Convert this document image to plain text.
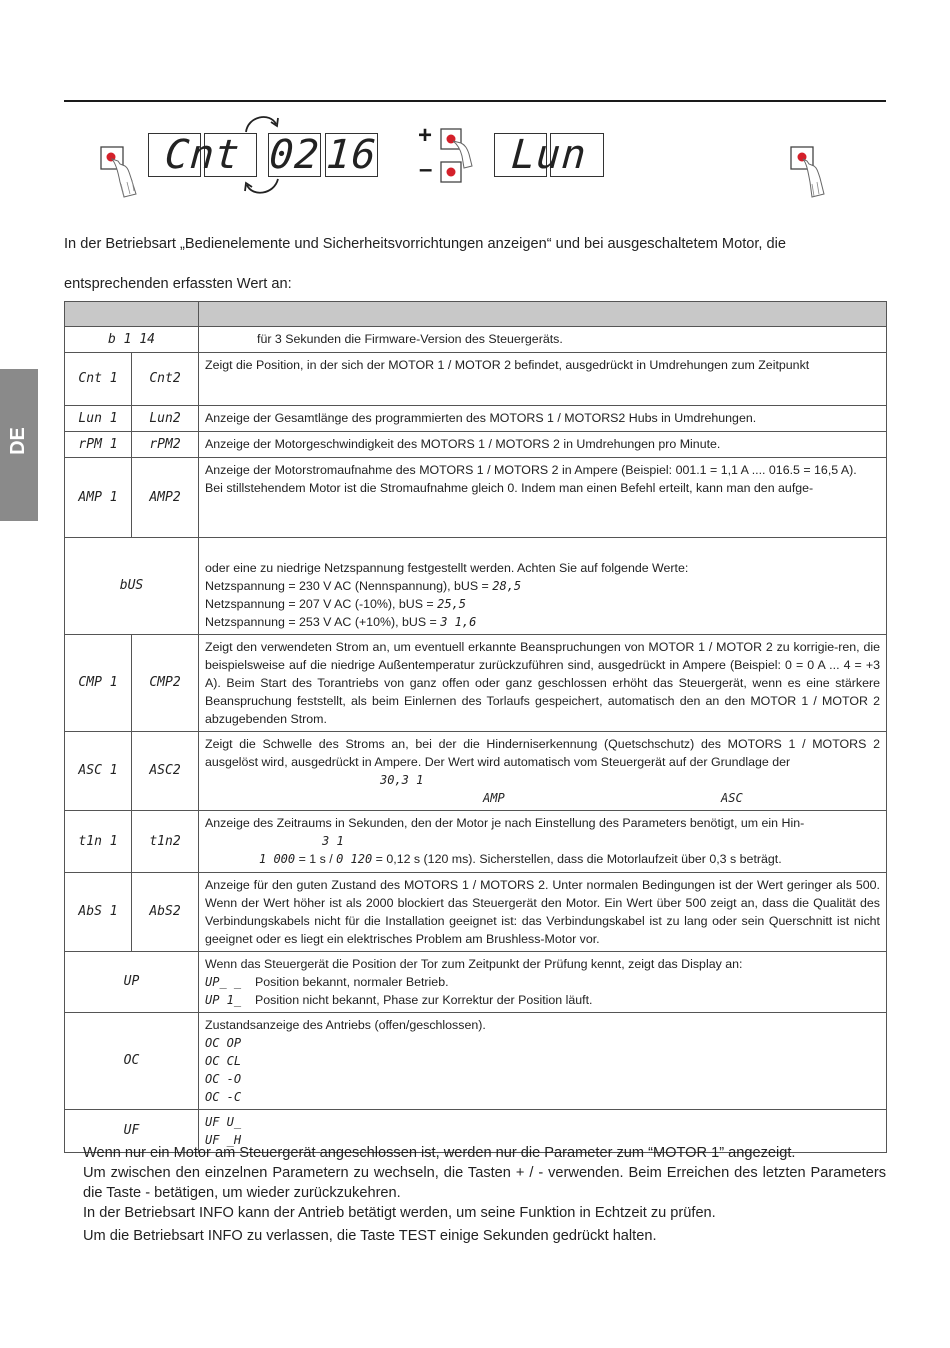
DE
Cnt 02 16 +
–	Lun
In der Betriebsart „Bedienelemente und Sicherheitsvorrichtungen anzeigen“ und bei ausgeschaltetem Motor, die
entsprechenden erfassten Wert an:

b 1 14		für 3 Sekunden die Firmware-Version des Steuergeräts.
Cnt 1	Cnt2	Zeigt die Position, in der sich der MOTOR 1 / MOTOR 2 befindet, ausgedrückt in Umdrehungen zum Zeitpunkt
Lun 1	Lun2	Anzeige der Gesamtlänge des programmierten des MOTORS 1 / MOTORS2 Hubs in Umdrehungen.
rPM 1	rPM2	Anzeige der Motorgeschwindigkeit des MOTORS 1 / MOTORS 2 in Umdrehungen pro Minute.
AMP 1	AMP2	Anzeige der Motorstromaufnahme des MOTORS 1 / MOTORS 2 in Ampere (Beispiel: 001.1 = 1,1 A .... 016.5 = 16,5 A).
Bei stillstehendem Motor ist die Stromaufnahme gleich 0. Indem man einen Befehl erteilt, kann man den aufge-

bUS		oder eine zu niedrige Netzspannung festgestellt werden. Achten Sie auf folgende Werte:
Netzspannung = 230 V AC (Nennspannung), bUS = 28,5
Netzspannung = 207 V AC (-10%), bUS = 25,5
Netzspannung = 253 V AC (+10%), bUS = 3 1,6

CMP 1	CMP2	Zeigt den verwendeten Strom an, um eventuell erkannte Beanspruchungen von MOTOR 1 / MOTOR 2 zu korrigie-ren, die beispielsweise auf die niedrige Außentemperatur zurückzuführen sind, ausgedrückt in Ampere (Beispiel: 0 = 0 A ... 4 = +3 A). Beim Start des Torantriebs von ganz offen oder ganz geschlossen erhöht das Steuergerät, wenn es eine stärkere Beanspruchung feststellt, als beim Einlernen des Torlaufs gespeichert, automatisch den an den MOTOR 1 / MOTOR 2 abzugebenden Strom.
ASC 1	ASC2	Zeigt die Schwelle des Stroms an, bei der die Hinderniserkennung (Quetschschutz) des MOTORS 1 / MOTORS 2 ausgelöst wird, ausgedrückt in Ampere. Der Wert wird automatisch vom Steuergerät auf der Grundlage der
30,3 1
AMP ASC

t1n 1	t1n2	Anzeige des Zeitraums in Sekunden, den der Motor je nach Einstellung des Parameters benötigt, um ein Hin-
3 1
1 000 = 1 s / 0 120 = 0,12 s (120 ms). Sicherstellen, dass die Motorlaufzeit über 0,3 s beträgt.

AbS 1	AbS2	Anzeige für den guten Zustand des MOTORS 1 / MOTORS 2. Unter normalen Bedingungen ist der Wert geringer als 500. Wenn der Wert höher ist als 2000 blockiert das Steuergerät den Motor. Ein Wert über 500 zeigt an, dass die Qualität des Verbindungskabels nicht für die Installation geeignet ist: das Verbindungskabel ist zu lang oder sein Querschnitt ist nicht geeignet oder es liegt ein elektrisches Problem am Brushless-Motor vor.
UP		Wenn das Steuergerät die Position der Tor zum Zeitpunkt der Prüfung kennt, zeigt das Display an:
UP_ _ Position bekannt, normaler Betrieb.
UP 1_ Position nicht bekannt, Phase zur Korrektur der Position läuft.

OC		Zustandsanzeige des Antriebs (offen/geschlossen).
OC OP
OC CL
OC -O
OC -C

UF		UF U_
UF _H

Wenn nur ein Motor am Steuergerät angeschlossen ist, werden nur die Parameter zum “MOTOR 1” angezeigt.

Um zwischen den einzelnen Parametern zu wechseln, die Tasten + / - verwenden. Beim Erreichen des letzten Parameters die Taste - betätigen, um wieder zurückzukehren.

In der Betriebsart INFO kann der Antrieb betätigt werden, um seine Funktion in Echtzeit zu prüfen.

Um die Betriebsart INFO zu verlassen, die Taste TEST einige Sekunden gedrückt halten.
